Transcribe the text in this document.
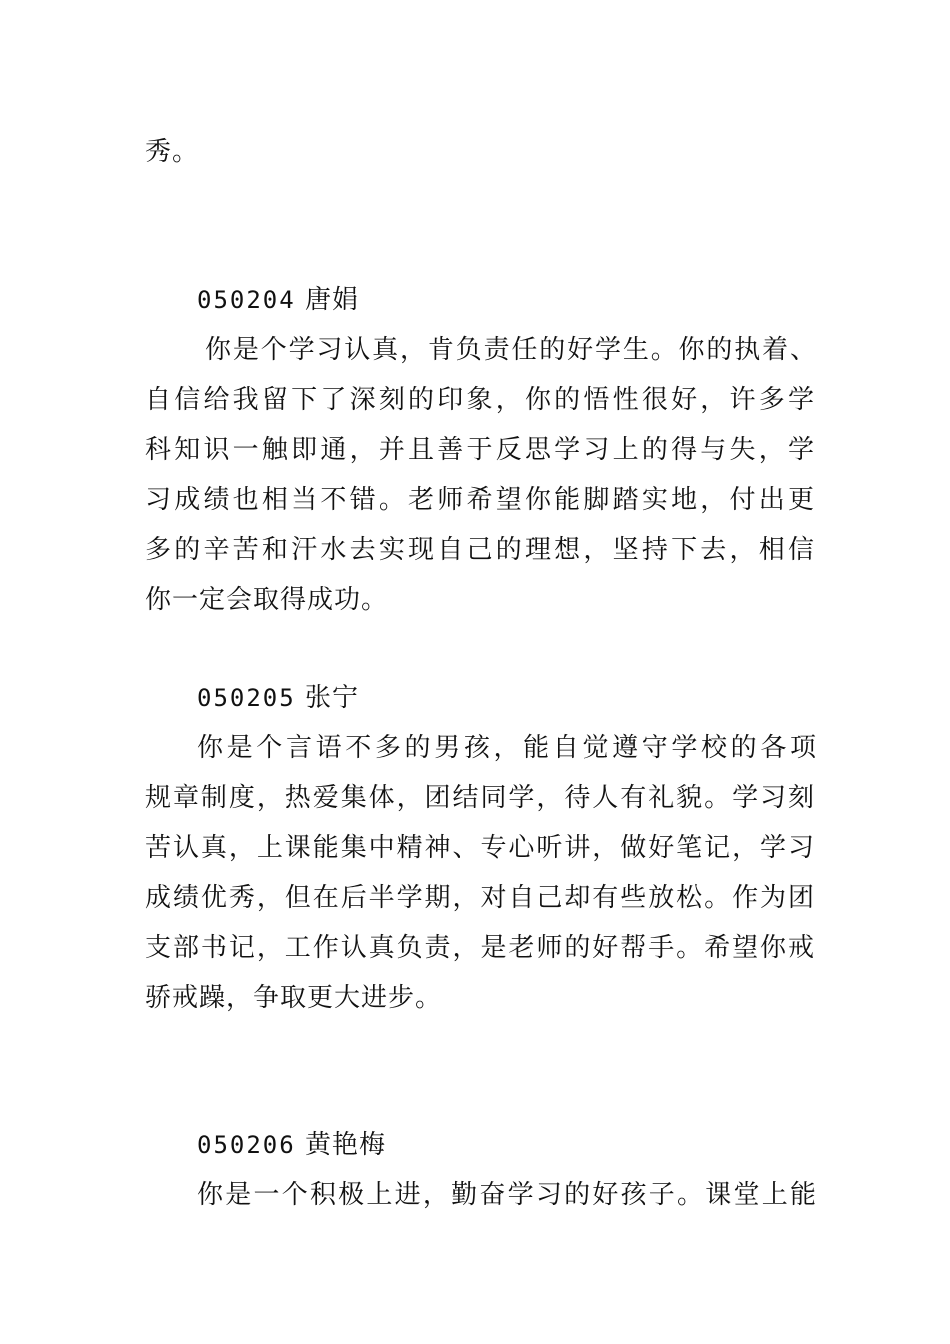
秀。
050204 唐娟
你是个学习认真，肯负责任的好学生。你的执着、
自信给我留下了深刻的印象，你的悟性很好，许多学
科知识一触即通，并且善于反思学习上的得与失，学
习成绩也相当不错。老师希望你能脚踏实地，付出更
多的辛苦和汗水去实现自己的理想，坚持下去，相信
你一定会取得成功。
050205 张宁
你是个言语不多的男孩，能自觉遵守学校的各项
规章制度，热爱集体，团结同学，待人有礼貌。学习刻
苦认真，上课能集中精神、专心听讲，做好笔记，学习
成绩优秀，但在后半学期，对自己却有些放松。作为团
支部书记，工作认真负责，是老师的好帮手。希望你戒
骄戒躁，争取更大进步。
050206 黄艳梅
你是一个积极上进，勤奋学习的好孩子。课堂上能
